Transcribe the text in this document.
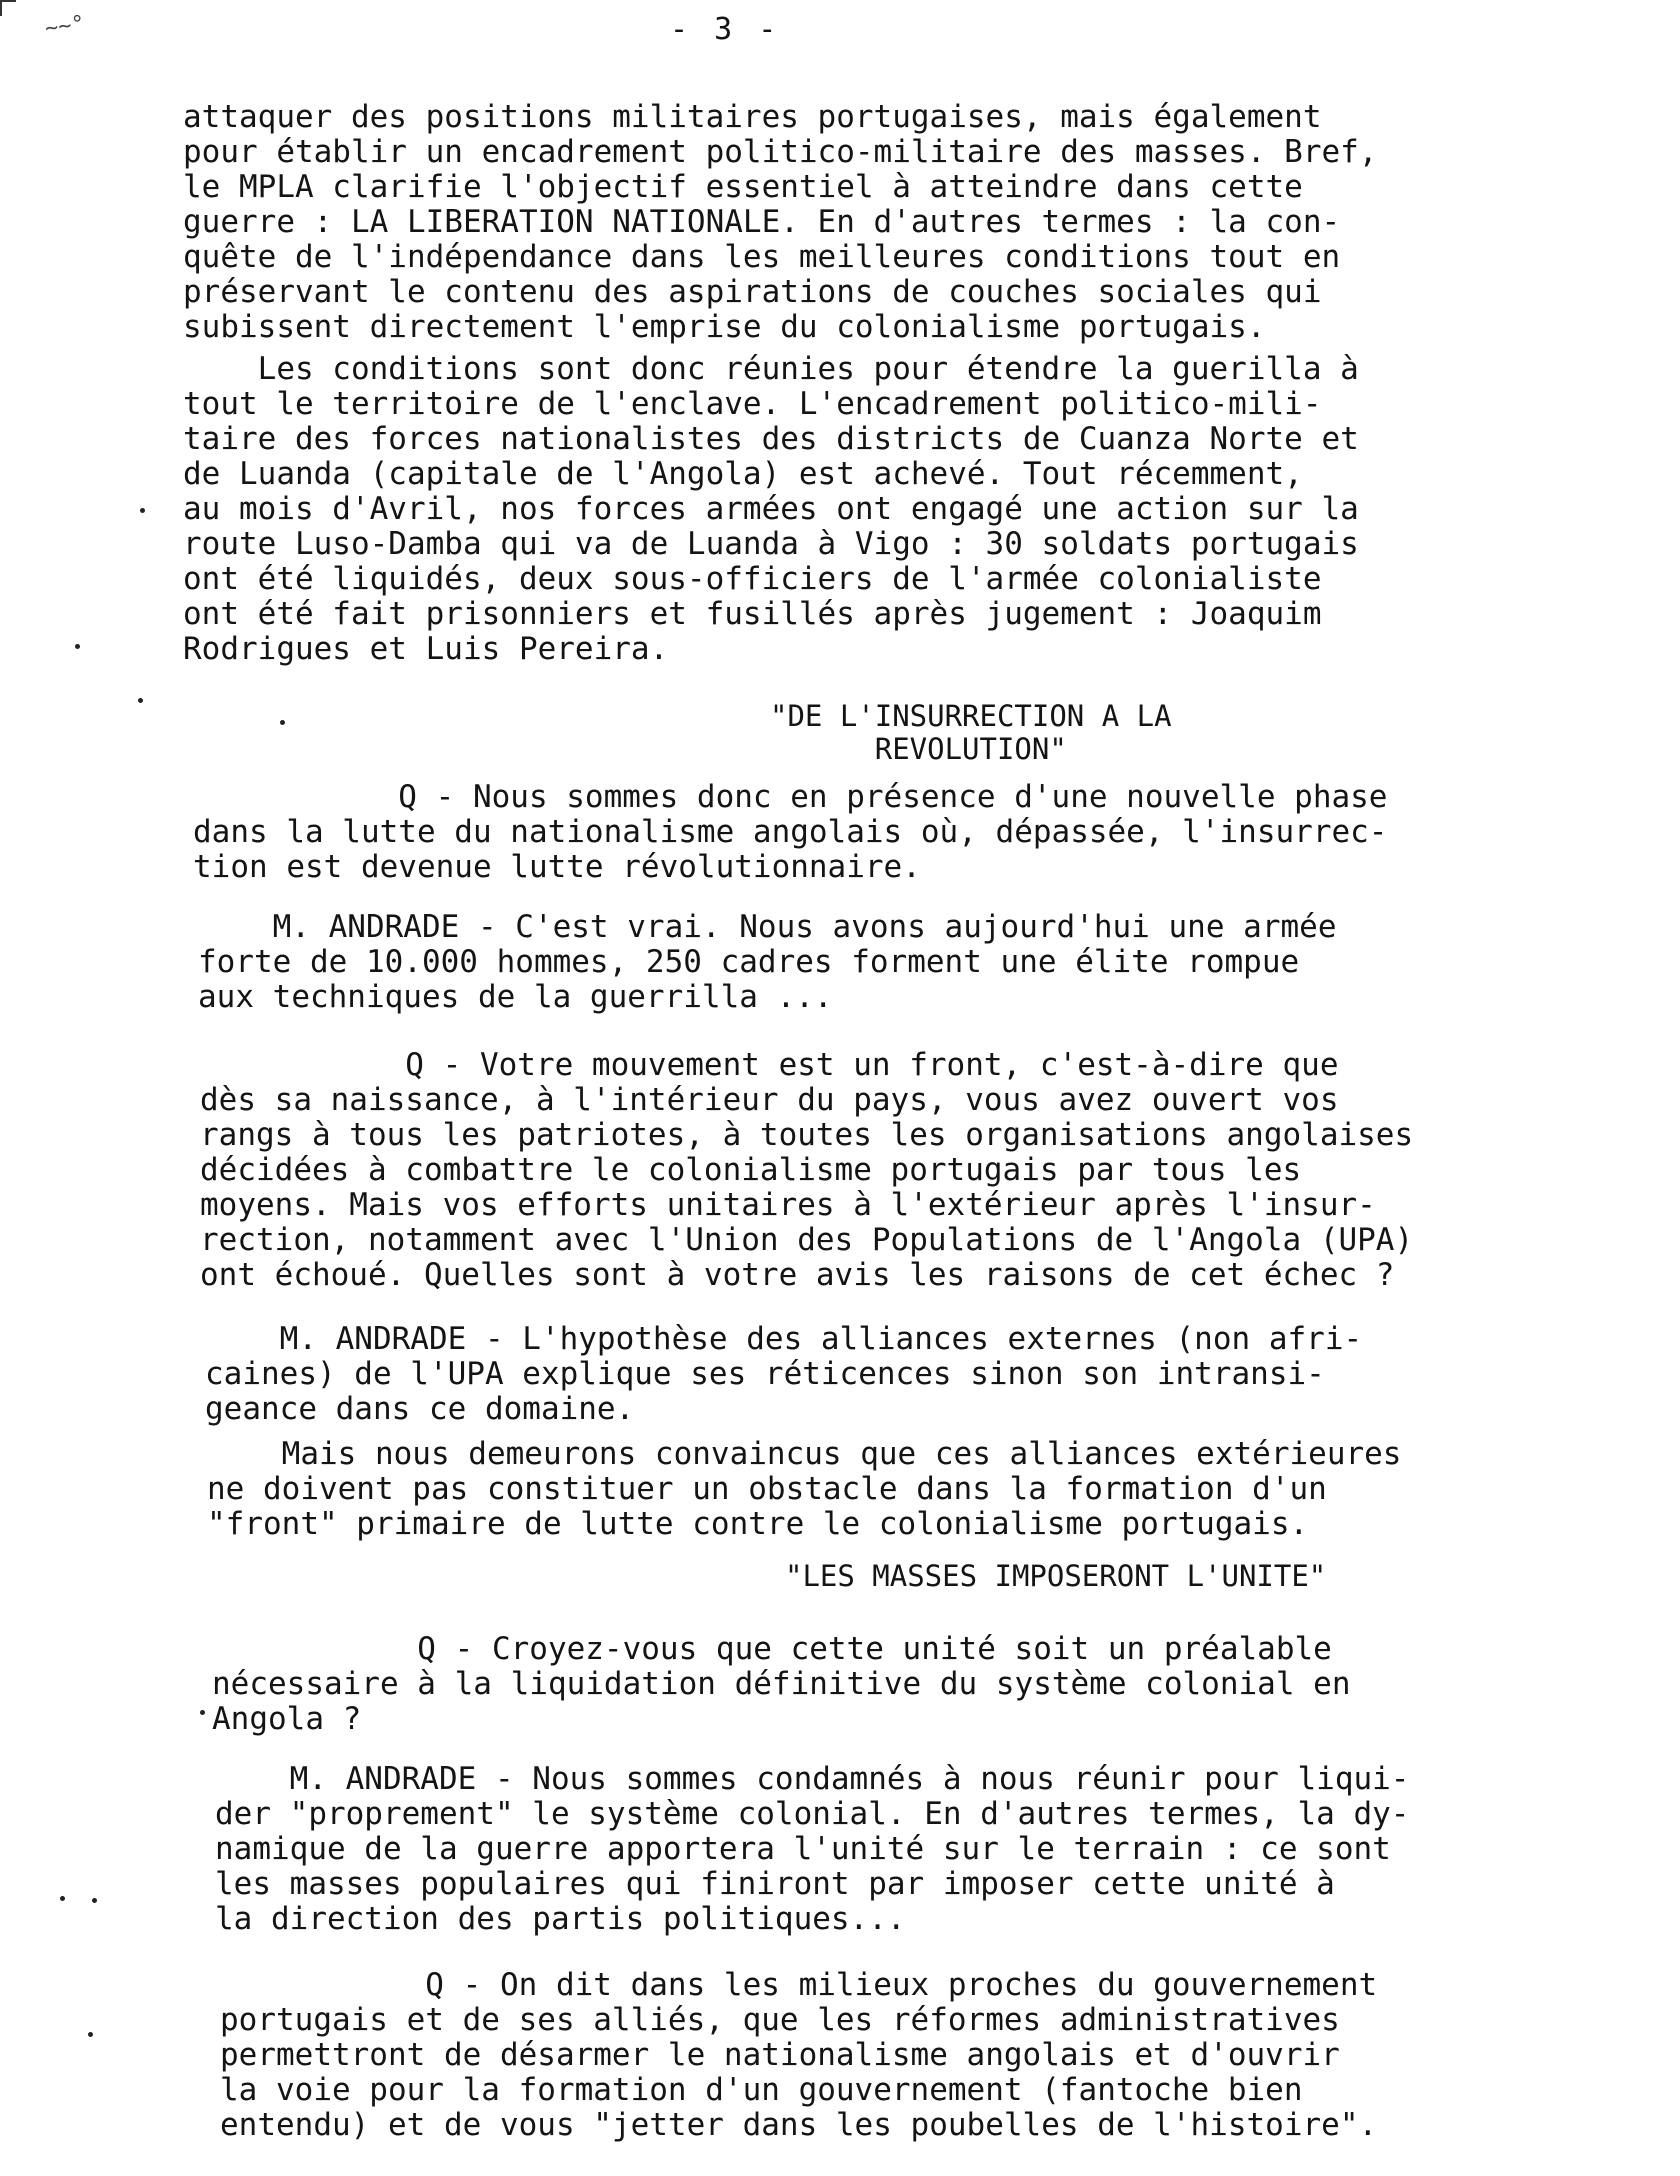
~~°	- 3 -
attaquer des positions militaires portugaises, mais également
pour établir un encadrement politico-militaire des masses. Bref,
le MPLA clarifie l'objectif essentiel à atteindre dans cette
guerre : LA LIBERATION NATIONALE. En d'autres termes : la con-
quête de l'indépendance dans les meilleures conditions tout en
préservant le contenu des aspirations de couches sociales qui
subissent directement l'emprise du colonialisme portugais.
Les conditions sont donc réunies pour étendre la guerilla à
tout le territoire de l'enclave. L'encadrement politico-mili-
taire des forces nationalistes des districts de Cuanza Norte et
de Luanda (capitale de l'Angola) est achevé. Tout récemment,
au mois d'Avril, nos forces armées ont engagé une action sur la
route Luso-Damba qui va de Luanda à Vigo : 30 soldats portugais
ont été liquidés, deux sous-officiers de l'armée colonialiste
ont été fait prisonniers et fusillés après jugement : Joaquim
Rodrigues et Luis Pereira.
"DE L'INSURRECTION A LA
REVOLUTION"
Q - Nous sommes donc en présence d'une nouvelle phase
dans la lutte du nationalisme angolais où, dépassée, l'insurrec-
tion est devenue lutte révolutionnaire.
M. ANDRADE - C'est vrai. Nous avons aujourd'hui une armée
forte de 10.000 hommes, 250 cadres forment une élite rompue
aux techniques de la guerrilla ...
Q - Votre mouvement est un front, c'est-à-dire que
dès sa naissance, à l'intérieur du pays, vous avez ouvert vos
rangs à tous les patriotes, à toutes les organisations angolaises
décidées à combattre le colonialisme portugais par tous les
moyens. Mais vos efforts unitaires à l'extérieur après l'insur-
rection, notamment avec l'Union des Populations de l'Angola (UPA)
ont échoué. Quelles sont à votre avis les raisons de cet échec ?
M. ANDRADE - L'hypothèse des alliances externes (non afri-
caines) de l'UPA explique ses réticences sinon son intransi-
geance dans ce domaine.
Mais nous demeurons convaincus que ces alliances extérieures
ne doivent pas constituer un obstacle dans la formation d'un
"front" primaire de lutte contre le colonialisme portugais.
"LES MASSES IMPOSERONT L'UNITE"
Q - Croyez-vous que cette unité soit un préalable
nécessaire à la liquidation définitive du système colonial en
Angola ?
M. ANDRADE - Nous sommes condamnés à nous réunir pour liqui-
der "proprement" le système colonial. En d'autres termes, la dy-
namique de la guerre apportera l'unité sur le terrain : ce sont
les masses populaires qui finiront par imposer cette unité à
la direction des partis politiques...
Q - On dit dans les milieux proches du gouvernement
portugais et de ses alliés, que les réformes administratives
permettront de désarmer le nationalisme angolais et d'ouvrir
la voie pour la formation d'un gouvernement (fantoche bien
entendu) et de vous "jetter dans les poubelles de l'histoire".
